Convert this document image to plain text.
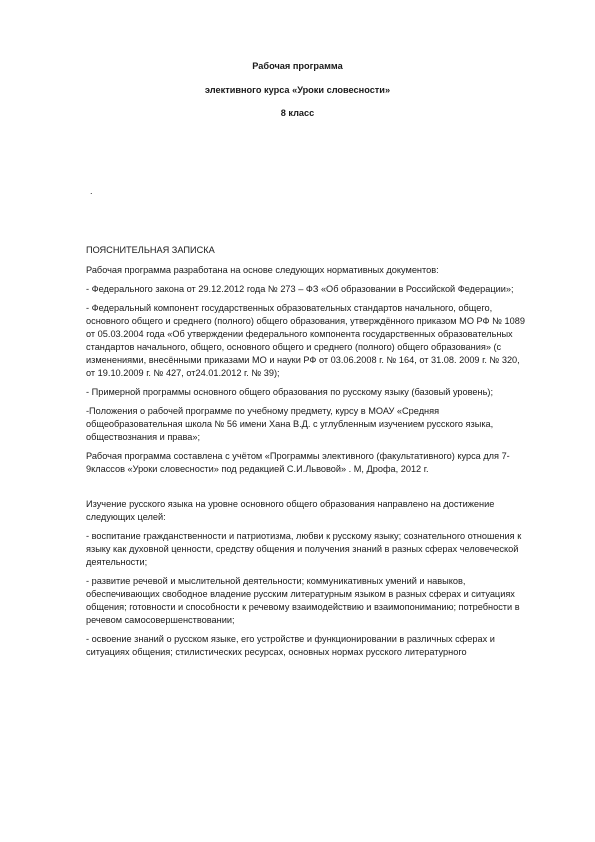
Рабочая программа

элективного курса «Уроки словесности»

8 класс

.

ПОЯСНИТЕЛЬНАЯ ЗАПИСКА

Рабочая программа разработана на основе следующих нормативных документов:

- Федерального закона от 29.12.2012 года № 273 – ФЗ «Об образовании в Российской Федерации»;

- Федеральный компонент государственных образовательных стандартов начального, общего, основного общего и среднего (полного) общего образования, утверждённого приказом МО РФ № 1089 от 05.03.2004 года «Об утверждении федерального компонента государственных образовательных стандартов начального, общего, основного общего и среднего (полного) общего образования» (с изменениями, внесёнными приказами МО и науки РФ от 03.06.2008 г. № 164, от 31.08. 2009 г. № 320, от 19.10.2009 г. № 427, от24.01.2012 г. № 39);

- Примерной программы основного общего образования по русскому языку (базовый уровень);

-Положения о рабочей программе по учебному предмету, курсу в МОАУ «Средняя общеобразовательная школа № 56 имени Хана В.Д. с углубленным изучением русского языка, обществознания и права»;

Рабочая программа составлена с учётом «Программы элективного (факультативного) курса для 7-9классов «Уроки словесности» под редакцией С.И.Львовой» . М, Дрофа, 2012 г.

Изучение русского языка на уровне основного общего образования направлено на достижение следующих целей:

- воспитание гражданственности и патриотизма, любви к русскому языку; сознательного отношения к языку как духовной ценности, средству общения и получения знаний в разных сферах человеческой деятельности;

- развитие речевой и мыслительной деятельности; коммуникативных умений и навыков, обеспечивающих свободное владение русским литературным языком в разных сферах и ситуациях общения; готовности и способности к речевому взаимодействию и взаимопониманию; потребности в речевом самосовершенствовании;

- освоение знаний о русском языке, его устройстве и функционировании в различных сферах и ситуациях общения; стилистических ресурсах, основных нормах русского литературного
